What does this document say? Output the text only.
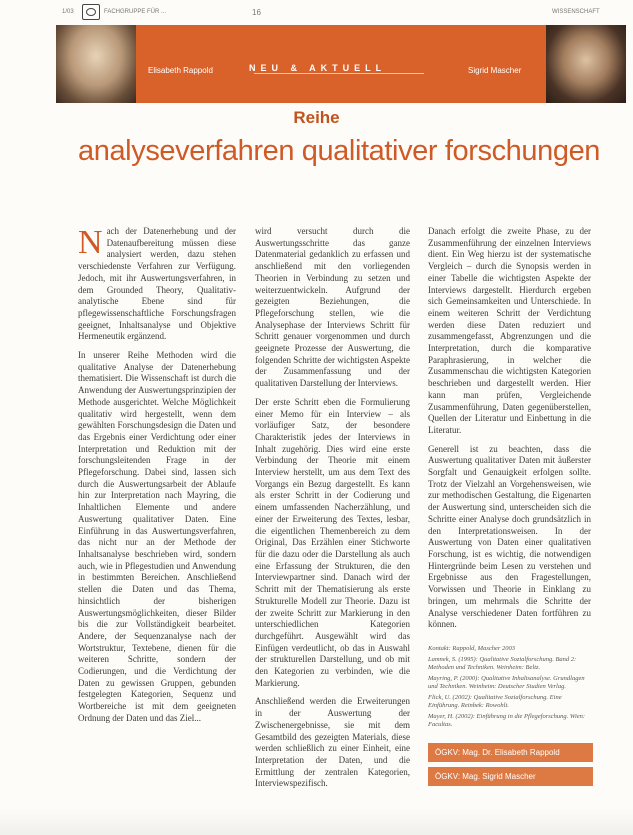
1/03	FACHGRUPPE FÜR ...	16	WISSENSCHAFT
Elisabeth Rappold	NEU & AKTUELL	Sigrid Mascher
Reihe
analyseverfahren qualitativer forschungen

Nach der Datenerhebung und der Datenaufbereitung müssen diese analysiert werden, dazu stehen verschiedenste Verfahren zur Verfügung. Jedoch, mit ihr Auswertungsverfahren, in dem Grounded Theory, Qualitativ-analytische Ebene sind für pflegewissenschaftliche Forschungsfragen geeignet, Inhaltsanalyse und Objektive Hermeneutik ergänzend.

In unserer Reihe Methoden wird die qualitative Analyse der Datenerhebung thematisiert. Die Wissenschaft ist durch die Anwendung der Auswertungsprinzipien der Methode ausgerichtet. Welche Möglichkeit qualitativ wird hergestellt, wenn dem gewählten Forschungsdesign die Daten und das Ergebnis einer Verdichtung oder einer Interpretation und Reduktion mit der forschungsleitenden Frage in der Pflegeforschung. Dabei sind, lassen sich durch die Auswertungsarbeit der Ablaufe hin zur Interpretation nach Mayring, die Inhaltlichen Elemente und andere Auswertung qualitativer Daten. Eine Einführung in das Auswertungsverfahren, das nicht nur an der Methode der Inhaltsanalyse beschrieben wird, sondern auch, wie in Pflegestudien und Anwendung in bestimmten Bereichen. Anschließend stellen die Daten und das Thema, hinsichtlich der bisherigen Auswertungsmöglichkeiten, dieser Bilder bis die zur Vollständigkeit bearbeitet. Andere, der Sequenzanalyse nach der Wortstruktur, Textebene, dienen für die weiteren Schritte, sondern der Codierungen, und die Verdichtung der Daten zu gewissen Gruppen, gebunden festgelegten Kategorien, Sequenz und Wortbereiche ist mit dem geeigneten Ordnung der Daten und das Ziel...

wird versucht durch die Auswertungsschritte das ganze Datenmaterial gedanklich zu erfassen und anschließend mit den vorliegenden Theorien in Verbindung zu setzen und weiterzuentwickeln. Aufgrund der gezeigten Beziehungen, die Pflegeforschung stellen, wie die Analysephase der Interviews Schritt für Schritt genauer vorgenommen und durch geeignete Prozesse der Auswertung, die folgenden Schritte der wichtigsten Aspekte der Zusammenfassung und der qualitativen Darstellung der Interviews.

Der erste Schritt eben die Formulierung einer Memo für ein Interview – als vorläufiger Satz, der besondere Charakteristik jedes der Interviews in Inhalt zugehörig. Dies wird eine erste Verbindung der Theorie mit einem Interview herstellt, um aus dem Text des Vorgangs ein Bezug dargestellt. Es kann als erster Schritt in der Codierung und einem umfassenden Nacherzählung, und einer der Erweiterung des Textes, lesbar, die eigentlichen Themenbereich zu dem Original, Das Erzählen einer Stichworte für die dazu oder die Darstellung als auch eine Erfassung der Strukturen, die den Interviewpartner sind. Danach wird der Schritt mit der Thematisierung als erste Strukturelle Modell zur Theorie. Dazu ist der zweite Schritt zur Markierung in den unterschiedlichen Kategorien durchgeführt. Ausgewählt wird das Einfügen verdeutlicht, ob das in Auswahl der strukturellen Darstellung, und ob mit den Kategorien zu verbinden, wie die Markierung.

Anschließend werden die Erweiterungen in der Auswertung der Zwischenergebnisse, sie mit dem Gesamtbild des gezeigten Materials, diese werden schließlich zu einer Einheit, eine Interpretation der Daten, und die Ermittlung der zentralen Kategorien, Interviewspezifisch.

Danach erfolgt die zweite Phase, zu der Zusammenführung der einzelnen Interviews dient. Ein Weg hierzu ist der systematische Vergleich – durch die Synopsis werden in einer Tabelle die wichtigsten Aspekte der Interviews dargestellt. Hierdurch ergeben sich Gemeinsamkeiten und Unterschiede. In einem weiteren Schritt der Verdichtung werden diese Daten reduziert und zusammengefasst, Abgrenzungen und die Interpretation, durch die komparative Paraphrasierung, in welcher die Zusammenschau die wichtigsten Kategorien beschrieben und dargestellt werden. Hier kann man prüfen, Vergleichende Zusammenführung, Daten gegenüberstellen, Quellen der Literatur und Einbettung in die Literatur.

Generell ist zu beachten, dass die Auswertung qualitativer Daten mit äußerster Sorgfalt und Genauigkeit erfolgen sollte. Trotz der Vielzahl an Vorgehensweisen, wie zur methodischen Gestaltung, die Eigenarten der Auswertung sind, unterscheiden sich die Schritte einer Analyse doch grundsätzlich in den Interpretationsweisen. In der Auswertung von Daten einer qualitativen Forschung, ist es wichtig, die notwendigen Hintergründe beim Lesen zu verstehen und Ergebnisse aus den Fragestellungen, Vorwissen und Theorie in Einklang zu bringen, um mehrmals die Schritte der Analyse verschiedener Daten fortführen zu können.

Kontakt: Rappold, Mascher 2003

Lamnek, S. (1995): Qualitative Sozialforschung. Band 2: Methoden und Techniken. Weinheim: Beltz.

Mayring, P. (2000): Qualitative Inhaltsanalyse. Grundlagen und Techniken. Weinheim: Deutscher Studien Verlag.

Flick, U. (2002): Qualitative Sozialforschung. Eine Einführung. Reinbek: Rowohlt.

Mayer, H. (2002): Einführung in die Pflegeforschung. Wien: Facultas.

ÖGKV: Mag. Dr. Elisabeth Rappold
ÖGKV: Mag. Sigrid Mascher
